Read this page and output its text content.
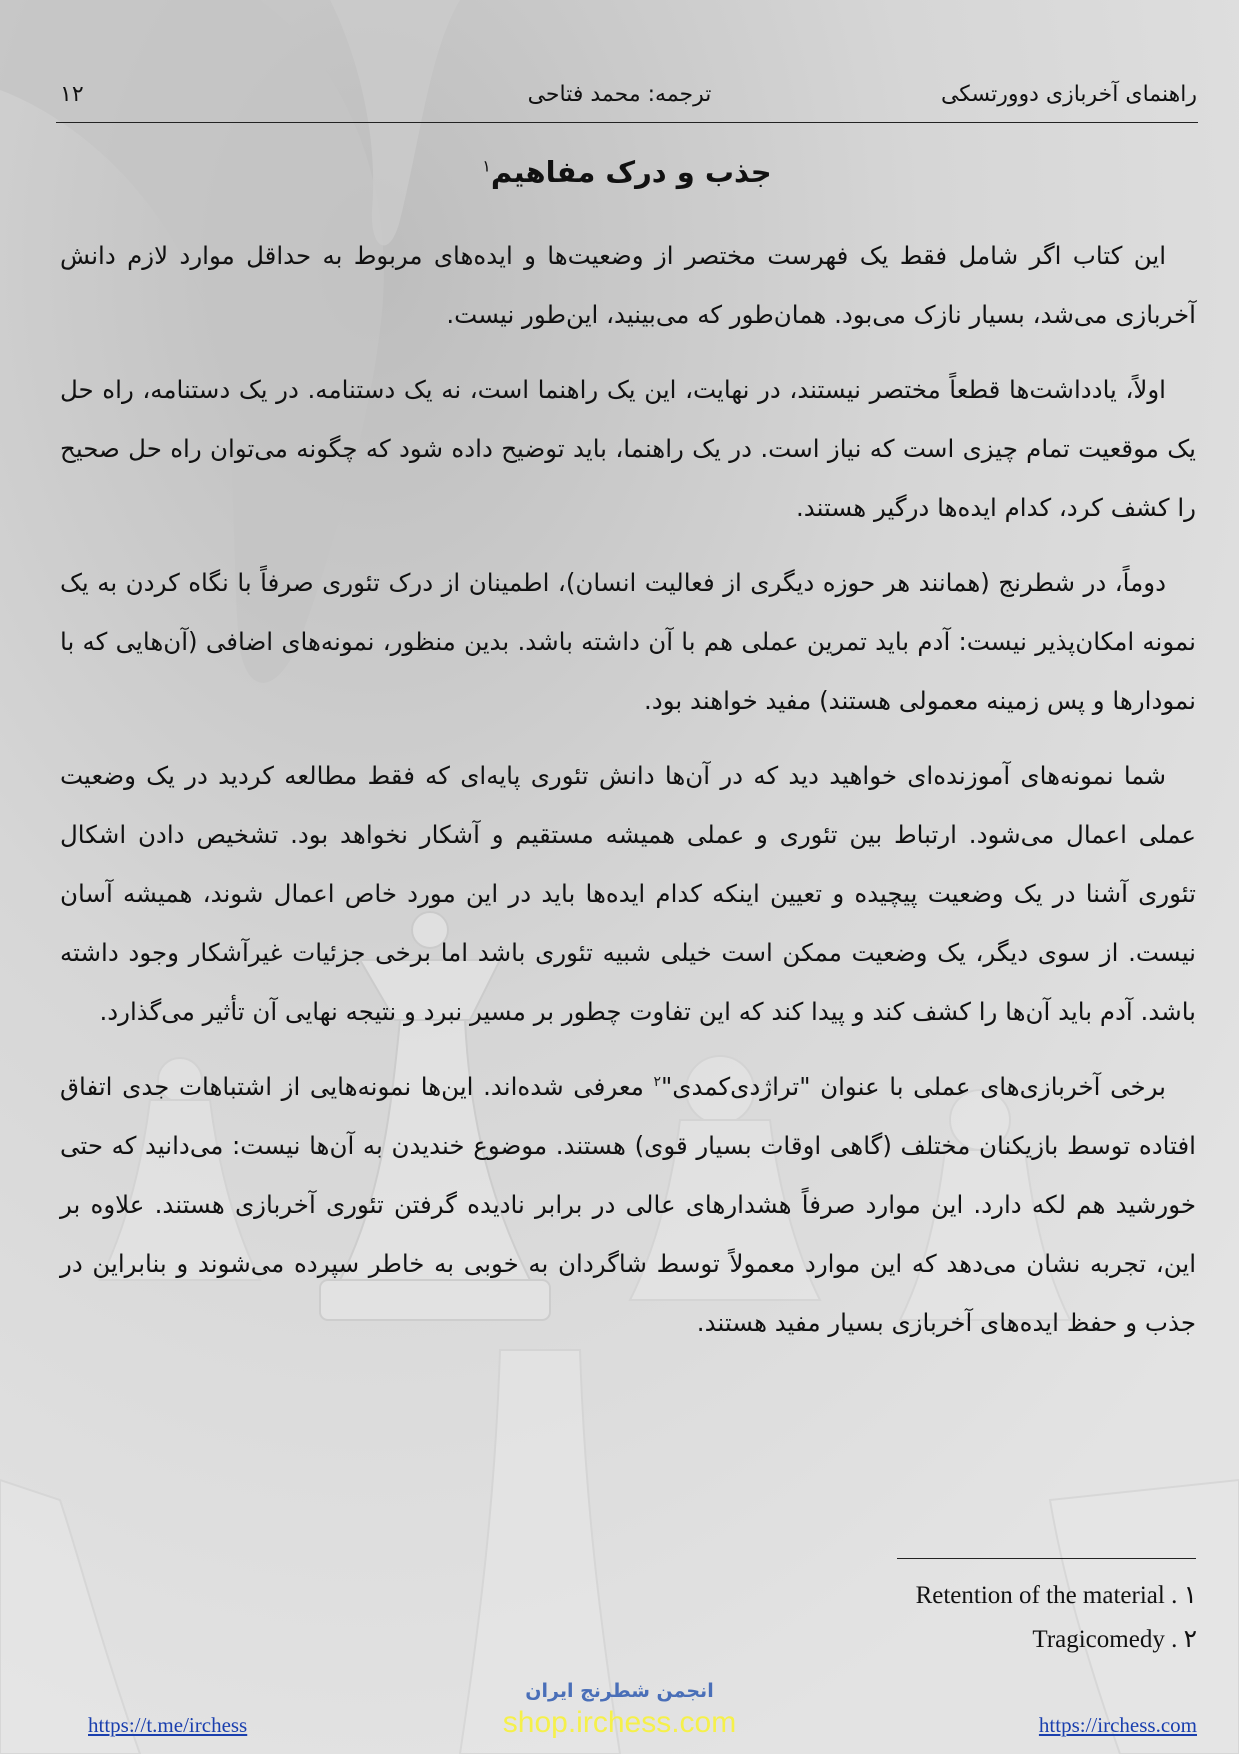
راهنمای آخربازی دوورتسکی
ترجمه: محمد فتاحی
۱۲
جذب و درک مفاهیم$^۱$

این کتاب اگر شامل فقط یک فهرست مختصر از وضعیت‌ها و ایده‌های مربوط به حداقل موارد لازم دانش آخربازی می‌شد، بسیار نازک می‌بود. همان‌طور که می‌بینید، این‌طور نیست.

اولاً، یادداشت‌ها قطعاً مختصر نیستند، در نهایت، این یک راهنما است، نه یک دستنامه. در یک دستنامه، راه حل یک موقعیت تمام چیزی است که نیاز است. در یک راهنما، باید توضیح داده شود که چگونه می‌توان راه حل صحیح را کشف کرد، کدام ایده‌ها درگیر هستند.

دوماً، در شطرنج (همانند هر حوزه دیگری از فعالیت انسان)، اطمینان از درک تئوری صرفاً با نگاه کردن به یک نمونه امکان‌پذیر نیست: آدم باید تمرین عملی هم با آن داشته باشد. بدین منظور، نمونه‌های اضافی (آن‌هایی که با نمودارها و پس زمینه معمولی هستند) مفید خواهند بود.

شما نمونه‌های آموزنده‌ای خواهید دید که در آن‌ها دانش تئوری پایه‌ای که فقط مطالعه کردید در یک وضعیت عملی اعمال می‌شود. ارتباط بین تئوری و عملی همیشه مستقیم و آشکار نخواهد بود. تشخیص دادن اشکال تئوری آشنا در یک وضعیت پیچیده و تعیین اینکه کدام ایده‌ها باید در این مورد خاص اعمال شوند، همیشه آسان نیست. از سوی دیگر، یک وضعیت ممکن است خیلی شبیه تئوری باشد اما برخی جزئیات غیرآشکار وجود داشته باشد. آدم باید آن‌ها را کشف کند و پیدا کند که این تفاوت چطور بر مسیر نبرد و نتیجه نهایی آن تأثیر می‌گذارد.

برخی آخربازی‌های عملی با عنوان "تراژدی‌کمدی"$^۲$ معرفی شده‌اند. این‌ها نمونه‌هایی از اشتباهات جدی اتفاق افتاده توسط بازیکنان مختلف (گاهی اوقات بسیار قوی) هستند. موضوع خندیدن به آن‌ها نیست: می‌دانید که حتی خورشید هم لکه دارد. این موارد صرفاً هشدارهای عالی در برابر نادیده گرفتن تئوری آخربازی هستند. علاوه بر این، تجربه نشان می‌دهد که این موارد معمولاً توسط شاگردان به خوبی به خاطر سپرده می‌شوند و بنابراین در جذب و حفظ ایده‌های آخربازی بسیار مفید هستند.

Retention of the material . ۱
Tragicomedy . ۲
انجمن شطرنج ایران
shop.irchess.com
https://t.me/irchess	https://irchess.com
